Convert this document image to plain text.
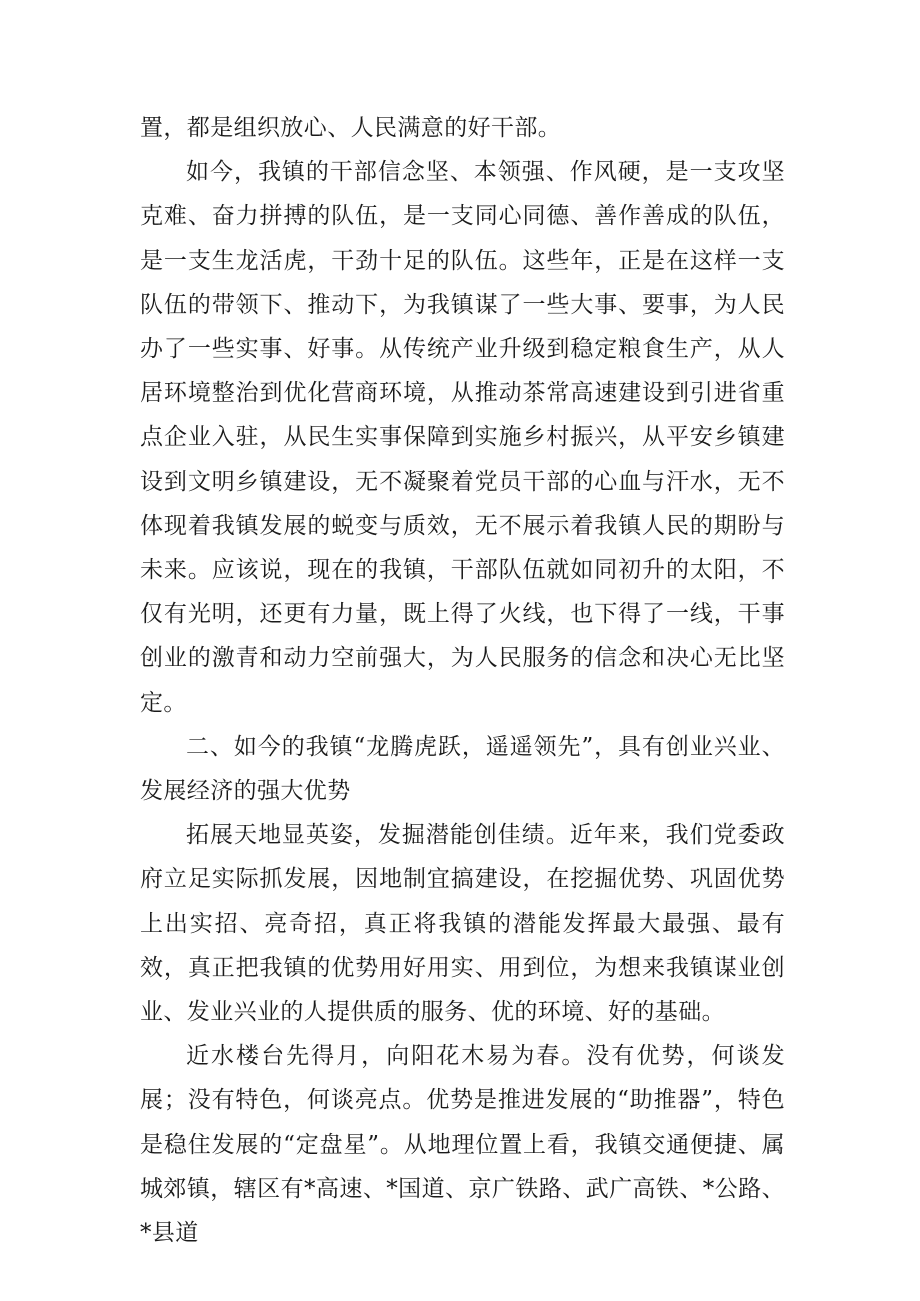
置，都是组织放心、人民满意的好干部。

如今，我镇的干部信念坚、本领强、作风硬，是一支攻坚克难、奋力拼搏的队伍，是一支同心同德、善作善成的队伍，是一支生龙活虎，干劲十足的队伍。这些年，正是在这样一支队伍的带领下、推动下，为我镇谋了一些大事、要事，为人民办了一些实事、好事。从传统产业升级到稳定粮食生产，从人居环境整治到优化营商环境，从推动茶常高速建设到引进省重点企业入驻，从民生实事保障到实施乡村振兴，从平安乡镇建设到文明乡镇建设，无不凝聚着党员干部的心血与汗水，无不体现着我镇发展的蜕变与质效，无不展示着我镇人民的期盼与未来。应该说，现在的我镇，干部队伍就如同初升的太阳，不仅有光明，还更有力量，既上得了火线，也下得了一线，干事创业的激青和动力空前强大，为人民服务的信念和决心无比坚定。

二、如今的我镇“龙腾虎跃，遥遥领先”，具有创业兴业、发展经济的强大优势

拓展天地显英姿，发掘潜能创佳绩。近年来，我们党委政府立足实际抓发展，因地制宜搞建设，在挖掘优势、巩固优势上出实招、亮奇招，真正将我镇的潜能发挥最大最强、最有效，真正把我镇的优势用好用实、用到位，为想来我镇谋业创业、发业兴业的人提供质的服务、优的环境、好的基础。

近水楼台先得月，向阳花木易为春。没有优势，何谈发展；没有特色，何谈亮点。优势是推进发展的“助推器”，特色是稳住发展的“定盘星”。从地理位置上看，我镇交通便捷、属城郊镇，辖区有*高速、*国道、京广铁路、武广高铁、*公路、*县道
